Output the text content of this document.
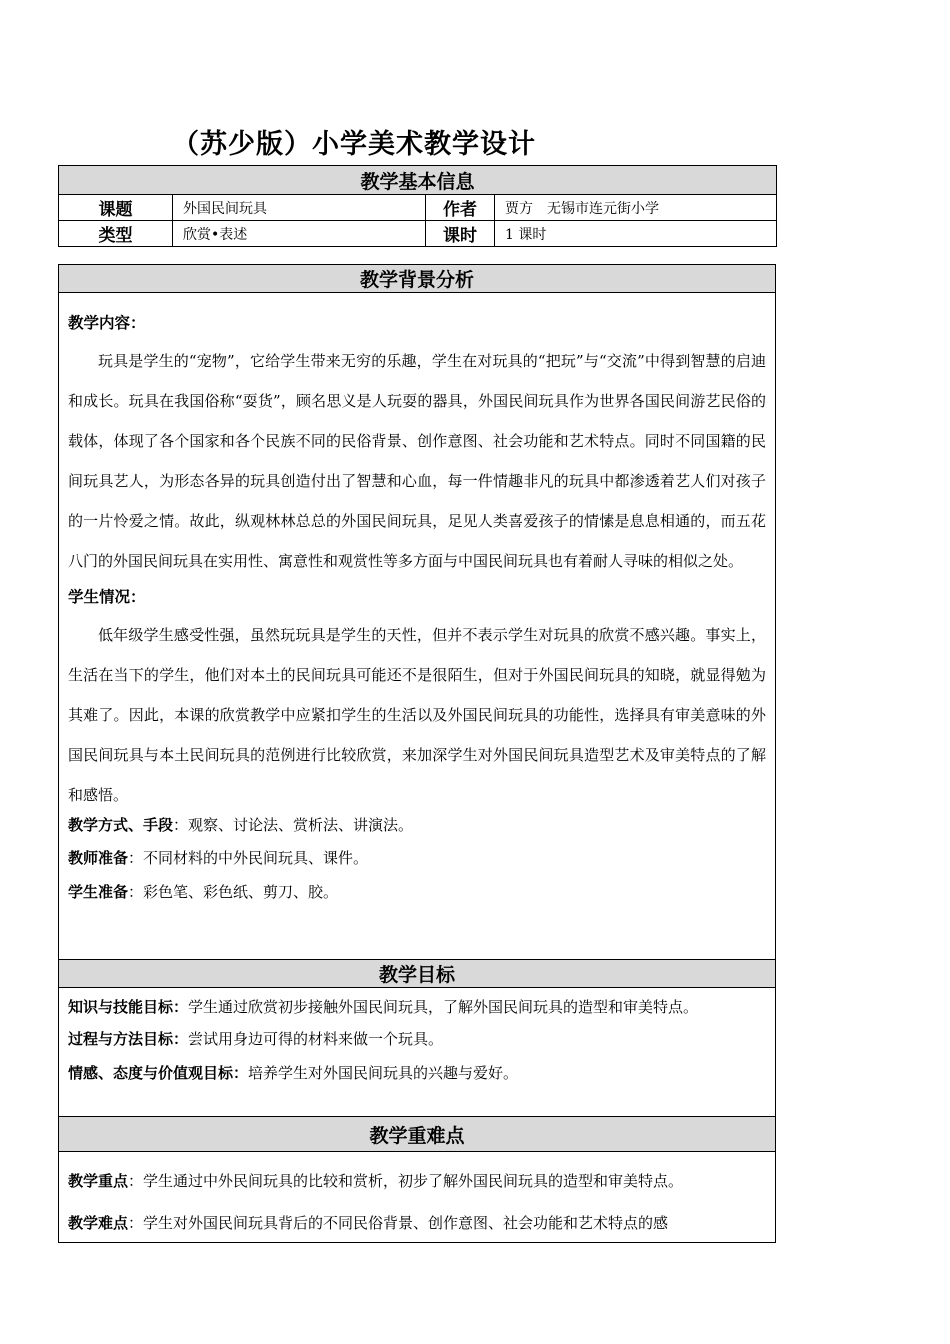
（苏少版）小学美术教学设计
教学基本信息			
课题	外国民间玩具	作者	贾方　无锡市连元街小学
类型	欣赏•表述	课时	1 课时
教学背景分析

教学内容：

玩具是学生的“宠物”，它给学生带来无穷的乐趣，学生在对玩具的“把玩”与“交流”中得到智慧的启迪和成长。玩具在我国俗称“耍货”，顾名思义是人玩耍的器具，外国民间玩具作为世界各国民间游艺民俗的载体，体现了各个国家和各个民族不同的民俗背景、创作意图、社会功能和艺术特点。同时不同国籍的民间玩具艺人，为形态各异的玩具创造付出了智慧和心血，每一件情趣非凡的玩具中都渗透着艺人们对孩子的一片怜爱之情。故此，纵观林林总总的外国民间玩具，足见人类喜爱孩子的情愫是息息相通的，而五花八门的外国民间玩具在实用性、寓意性和观赏性等多方面与中国民间玩具也有着耐人寻味的相似之处。

学生情况：

低年级学生感受性强，虽然玩玩具是学生的天性，但并不表示学生对玩具的欣赏不感兴趣。事实上，生活在当下的学生，他们对本土的民间玩具可能还不是很陌生，但对于外国民间玩具的知晓，就显得勉为其难了。因此，本课的欣赏教学中应紧扣学生的生活以及外国民间玩具的功能性，选择具有审美意味的外国民间玩具与本土民间玩具的范例进行比较欣赏，来加深学生对外国民间玩具造型艺术及审美特点的了解和感悟。

教学方式、手段：观察、讨论法、赏析法、讲演法。

教师准备：不同材料的中外民间玩具、课件。

学生准备：彩色笔、彩色纸、剪刀、胶。

教学目标

知识与技能目标：学生通过欣赏初步接触外国民间玩具，了解外国民间玩具的造型和审美特点。

过程与方法目标：尝试用身边可得的材料来做一个玩具。

情感、态度与价值观目标：培养学生对外国民间玩具的兴趣与爱好。

教学重难点

教学重点：学生通过中外民间玩具的比较和赏析，初步了解外国民间玩具的造型和审美特点。

教学难点：学生对外国民间玩具背后的不同民俗背景、创作意图、社会功能和艺术特点的感
